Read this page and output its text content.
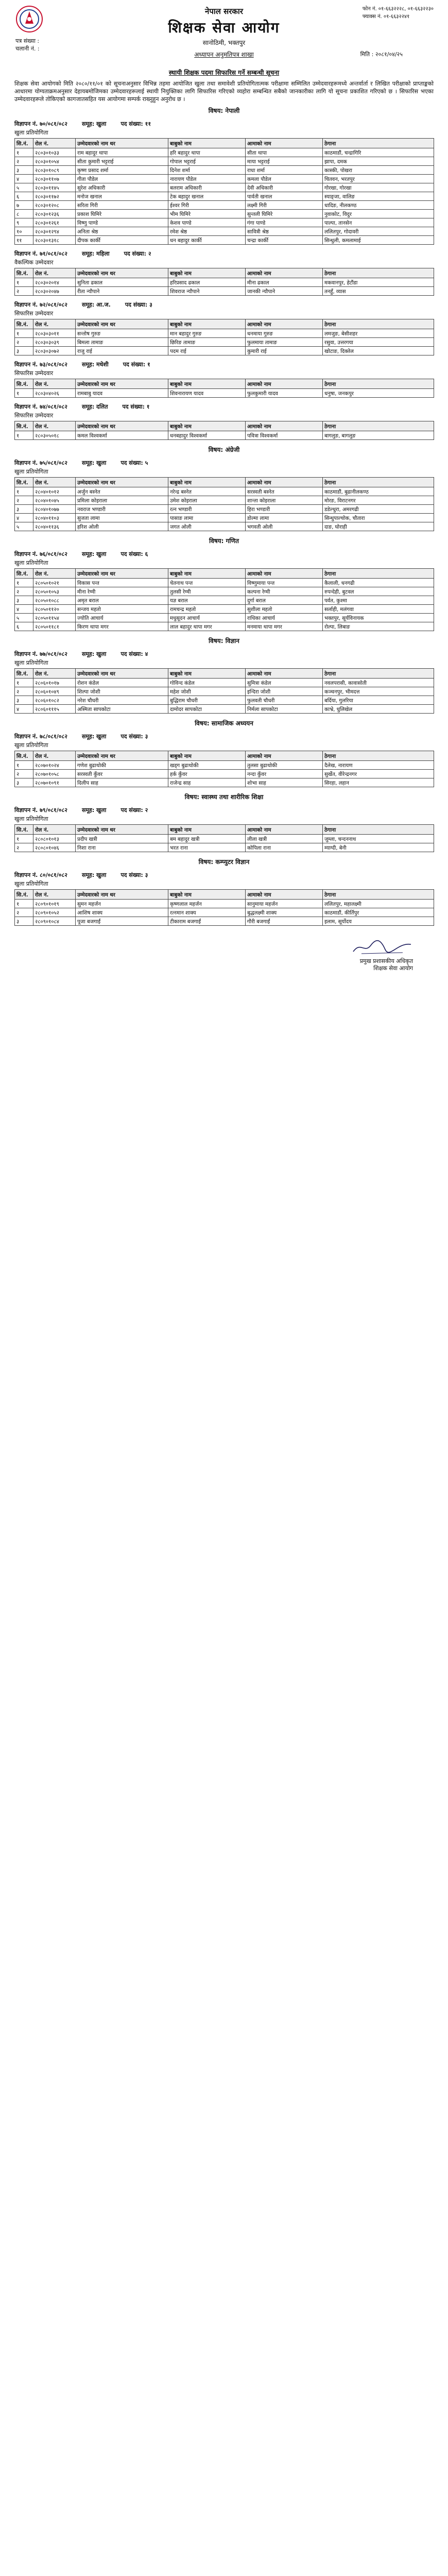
पत्र संख्या :
चलानी नं. :
नेपाल सरकार
शिक्षक सेवा आयोग
सानोठिमी, भक्तपुर
अध्यापन अनुमतिपत्र शाखा
फोन नं. ०१-६६३२२२८, ०१-६६३२२३०
फ्याक्स नं. ०१-६६३२२४१
मिति : २०८१/०४/२५
स्थायी शिक्षक पदमा सिफारिस गर्ने सम्बन्धी सूचना

शिक्षक सेवा आयोगको मिति २०८०/११/०१ को सूचनाअनुसार विभिन्न तहमा आयोजित खुला तथा समावेशी प्रतियोगितात्मक परीक्षामा सम्मिलित उम्मेदवारहरूमध्ये अन्तर्वार्ता र लिखित परीक्षाको प्राप्ताङ्कको आधारमा योग्यताक्रमअनुसार देहायबमोजिमका उम्मेदवारहरूलाई स्थायी नियुक्तिका लागि सिफारिस गरिएको व्यहोरा सम्बन्धित सबैको जानकारीका लागि यो सूचना प्रकाशित गरिएको छ । सिफारिस भएका उम्मेदवारहरूले तोकिएको कागजातसहित यस आयोगमा सम्पर्क राख्नुहुन अनुरोध छ ।

विषय: नेपाली
विज्ञापन नं. ७०/०८१/०८२	समूह: खुला	पद संख्या: ११
खुला प्रतियोगिता
सि.नं.	रोल नं.	उम्मेदवारको नाम थर	बाबुको नाम	आमाको नाम	ठेगाना
१	२८०३०१०३३	राम बहादुर थापा	हरि बहादुर थापा	सीता थापा	काठमाडौं, चन्द्रागिरि
२	२८०३०१०५४	सीता कुमारी भट्टराई	गोपाल भट्टराई	माया भट्टराई	झापा, दमक
३	२८०३०१०८९	कृष्ण प्रसाद शर्मा	दिनेश शर्मा	राधा शर्मा	कास्की, पोखरा
४	२८०३०११०७	गीता पौडेल	नारायण पौडेल	कमला पौडेल	चितवन, भरतपुर
५	२८०३०११४५	सुरेश अधिकारी	बलराम अधिकारी	देवी अधिकारी	गोरखा, गोरखा
६	२८०३०११७२	मनोज खनाल	टेक बहादुर खनाल	पार्वती खनाल	स्याङ्जा, वालिङ
७	२८०३०१२०८	सरिता गिरी	ईश्वर गिरी	लक्ष्मी गिरी	धादिङ, नीलकण्ठ
८	२८०३०१२३६	प्रकाश घिमिरे	भीम घिमिरे	सुन्तली घिमिरे	नुवाकोट, विदुर
९	२८०३०१२६१	विष्णु पाण्डे	केशव पाण्डे	गंगा पाण्डे	पाल्पा, तानसेन
१०	२८०३०१२९४	अनिता श्रेष्ठ	रमेश श्रेष्ठ	सावित्री श्रेष्ठ	ललितपुर, गोदावरी
११	२८०३०१३१८	दीपक कार्की	धन बहादुर कार्की	चन्द्रा कार्की	सिन्धुली, कमलामाई
विज्ञापन नं. ७१/०८१/०८२	समूह: महिला	पद संख्या: २
वैकल्पिक उम्मेदवार
सि.नं.	रोल नं.	उम्मेदवारको नाम थर	बाबुको नाम	आमाको नाम	ठेगाना
१	२८०३०२०१४	सुनिता ढकाल	हरिप्रसाद ढकाल	मीना ढकाल	मकवानपुर, हेटौंडा
२	२८०३०२०४७	रीता न्यौपाने	शिवराज न्यौपाने	जानकी न्यौपाने	तनहुँ, व्यास
विज्ञापन नं. ७२/०८१/०८२	समूह: आ.ज.	पद संख्या: ३
सिफारिस उम्मेदवार
सि.नं.	रोल नं.	उम्मेदवारको नाम थर	बाबुको नाम	आमाको नाम	ठेगाना
१	२८०३०३०११	सन्तोष गुरुङ	मान बहादुर गुरुङ	धनमाया गुरुङ	लमजुङ, बेसीशहर
२	२८०३०३०३९	बिमला तामाङ	छिरिङ तामाङ	फुलमाया तामाङ	रसुवा, उत्तरगया
३	२८०३०३०७२	राजु राई	पदम राई	कुमारी राई	खोटाङ, दिक्तेल
विज्ञापन नं. ७३/०८१/०८२	समूह: मधेशी	पद संख्या: १
सिफारिस उम्मेदवार
सि.नं.	रोल नं.	उम्मेदवारको नाम थर	बाबुको नाम	आमाको नाम	ठेगाना
१	२८०३०४०२६	रामबाबु यादव	शिवनारायण यादव	फुलकुमारी यादव	धनुषा, जनकपुर
विज्ञापन नं. ७४/०८१/०८२	समूह: दलित	पद संख्या: १
सिफारिस उम्मेदवार
सि.नं.	रोल नं.	उम्मेदवारको नाम थर	बाबुको नाम	आमाको नाम	ठेगाना
१	२८०३०५०१८	कमल विश्वकर्मा	धनबहादुर विश्वकर्मा	पवित्रा विश्वकर्मा	बागलुङ, बागलुङ
विषय: अंग्रेजी
विज्ञापन नं. ७५/०८१/०८२	समूह: खुला	पद संख्या: ५
खुला प्रतियोगिता
सि.नं.	रोल नं.	उम्मेदवारको नाम थर	बाबुको नाम	आमाको नाम	ठेगाना
१	२८०४०१०१२	अर्जुन बस्नेत	नरेन्द्र बस्नेत	सरस्वती बस्नेत	काठमाडौं, बुढानीलकण्ठ
२	२८०४०१०४५	प्रमिला कोइराला	उमेश कोइराला	शान्ता कोइराला	मोरङ, विराटनगर
३	२८०४०१०७७	नवराज भण्डारी	रत्न भण्डारी	हिरा भण्डारी	डडेल्धुरा, अमरगढी
४	२८०४०११०३	सुजता लामा	पासाङ लामा	डोल्मा लामा	सिन्धुपाल्चोक, चौतारा
५	२८०४०११३६	हरिश ओली	जगत ओली	भगवती ओली	दाङ, घोराही
विषय: गणित
विज्ञापन नं. ७६/०८१/०८२	समूह: खुला	पद संख्या: ६
खुला प्रतियोगिता
सि.नं.	रोल नं.	उम्मेदवारको नाम थर	बाबुको नाम	आमाको नाम	ठेगाना
१	२८०५०१०२१	विकास पन्त	चेतनाथ पन्त	विष्णुमाया पन्त	कैलाली, धनगढी
२	२८०५०१०५३	मीना रेग्मी	तुलसी रेग्मी	कल्पना रेग्मी	रुपन्देही, बुटवल
३	२८०५०१०८८	अमृत बराल	यज्ञ बराल	दुर्गा बराल	पर्वत, कुश्मा
४	२८०५०११२०	सन्जय महतो	रामचन्द्र महतो	सुशीला महतो	सर्लाही, मलंगवा
५	२८०५०११५४	ज्योति आचार्य	मधुसूदन आचार्य	राधिका आचार्य	भक्तपुर, सूर्यविनायक
६	२८०५०११८१	किरण थापा मगर	लाल बहादुर थापा मगर	मनमाया थापा मगर	रोल्पा, लिबाङ
विषय: विज्ञान
विज्ञापन नं. ७७/०८१/०८२	समूह: खुला	पद संख्या: ४
खुला प्रतियोगिता
सि.नं.	रोल नं.	उम्मेदवारको नाम थर	बाबुको नाम	आमाको नाम	ठेगाना
१	२८०६०१०१७	रोशन कंडेल	गोविन्द कंडेल	सुमित्रा कंडेल	नवलपरासी, कावासोती
२	२८०६०१०४९	शिल्पा जोशी	महेश जोशी	इन्दिरा जोशी	कञ्चनपुर, भीमदत्त
३	२८०६०१०८२	नरेश चौधरी	बुद्धिराम चौधरी	फुलवती चौधरी	बर्दिया, गुलरिया
४	२८०६०१११५	अस्मिता सापकोटा	दामोदर सापकोटा	निर्मला सापकोटा	काभ्रे, धुलिखेल
विषय: सामाजिक अध्ययन
विज्ञापन नं. ७८/०८१/०८२	समूह: खुला	पद संख्या: ३
खुला प्रतियोगिता
सि.नं.	रोल नं.	उम्मेदवारको नाम थर	बाबुको नाम	आमाको नाम	ठेगाना
१	२८०७०१०२४	गणेश बुढाथोकी	खड्ग बुढाथोकी	तुलसा बुढाथोकी	दैलेख, नारायण
२	२८०७०१०५८	सरस्वती कुँवर	हर्क कुँवर	नन्दा कुँवर	सुर्खेत, वीरेन्द्रनगर
३	२८०७०१०९१	दिलीप साह	राजेन्द्र साह	शोभा साह	सिरहा, लहान
विषय: स्वास्थ्य तथा शारीरिक शिक्षा
विज्ञापन नं. ७९/०८१/०८२	समूह: खुला	पद संख्या: २
खुला प्रतियोगिता
सि.नं.	रोल नं.	उम्मेदवारको नाम थर	बाबुको नाम	आमाको नाम	ठेगाना
१	२८०८०१०१३	प्रदीप खत्री	बम बहादुर खत्री	लीला खत्री	जुम्ला, चन्दननाथ
२	२८०८०१०४६	निशा राना	भरत राना	कोपिला राना	म्याग्दी, बेनी
विषय: कम्प्युटर विज्ञान
विज्ञापन नं. ८०/०८१/०८२	समूह: खुला	पद संख्या: ३
खुला प्रतियोगिता
सि.नं.	रोल नं.	उम्मेदवारको नाम थर	बाबुको नाम	आमाको नाम	ठेगाना
१	२८०९०१०१९	सुमन महर्जन	कृष्णलाल महर्जन	सानुमाया महर्जन	ललितपुर, महालक्ष्मी
२	२८०९०१०५२	आशिष शाक्य	रत्नमान शाक्य	बुद्धलक्ष्मी शाक्य	काठमाडौं, कीर्तिपुर
३	२८०९०१०८४	पूजा बजगाईं	टीकाराम बजगाईं	गौरी बजगाईं	इलाम, सूर्योदय
प्रमुख प्रशासकीय अधिकृत
शिक्षक सेवा आयोग
